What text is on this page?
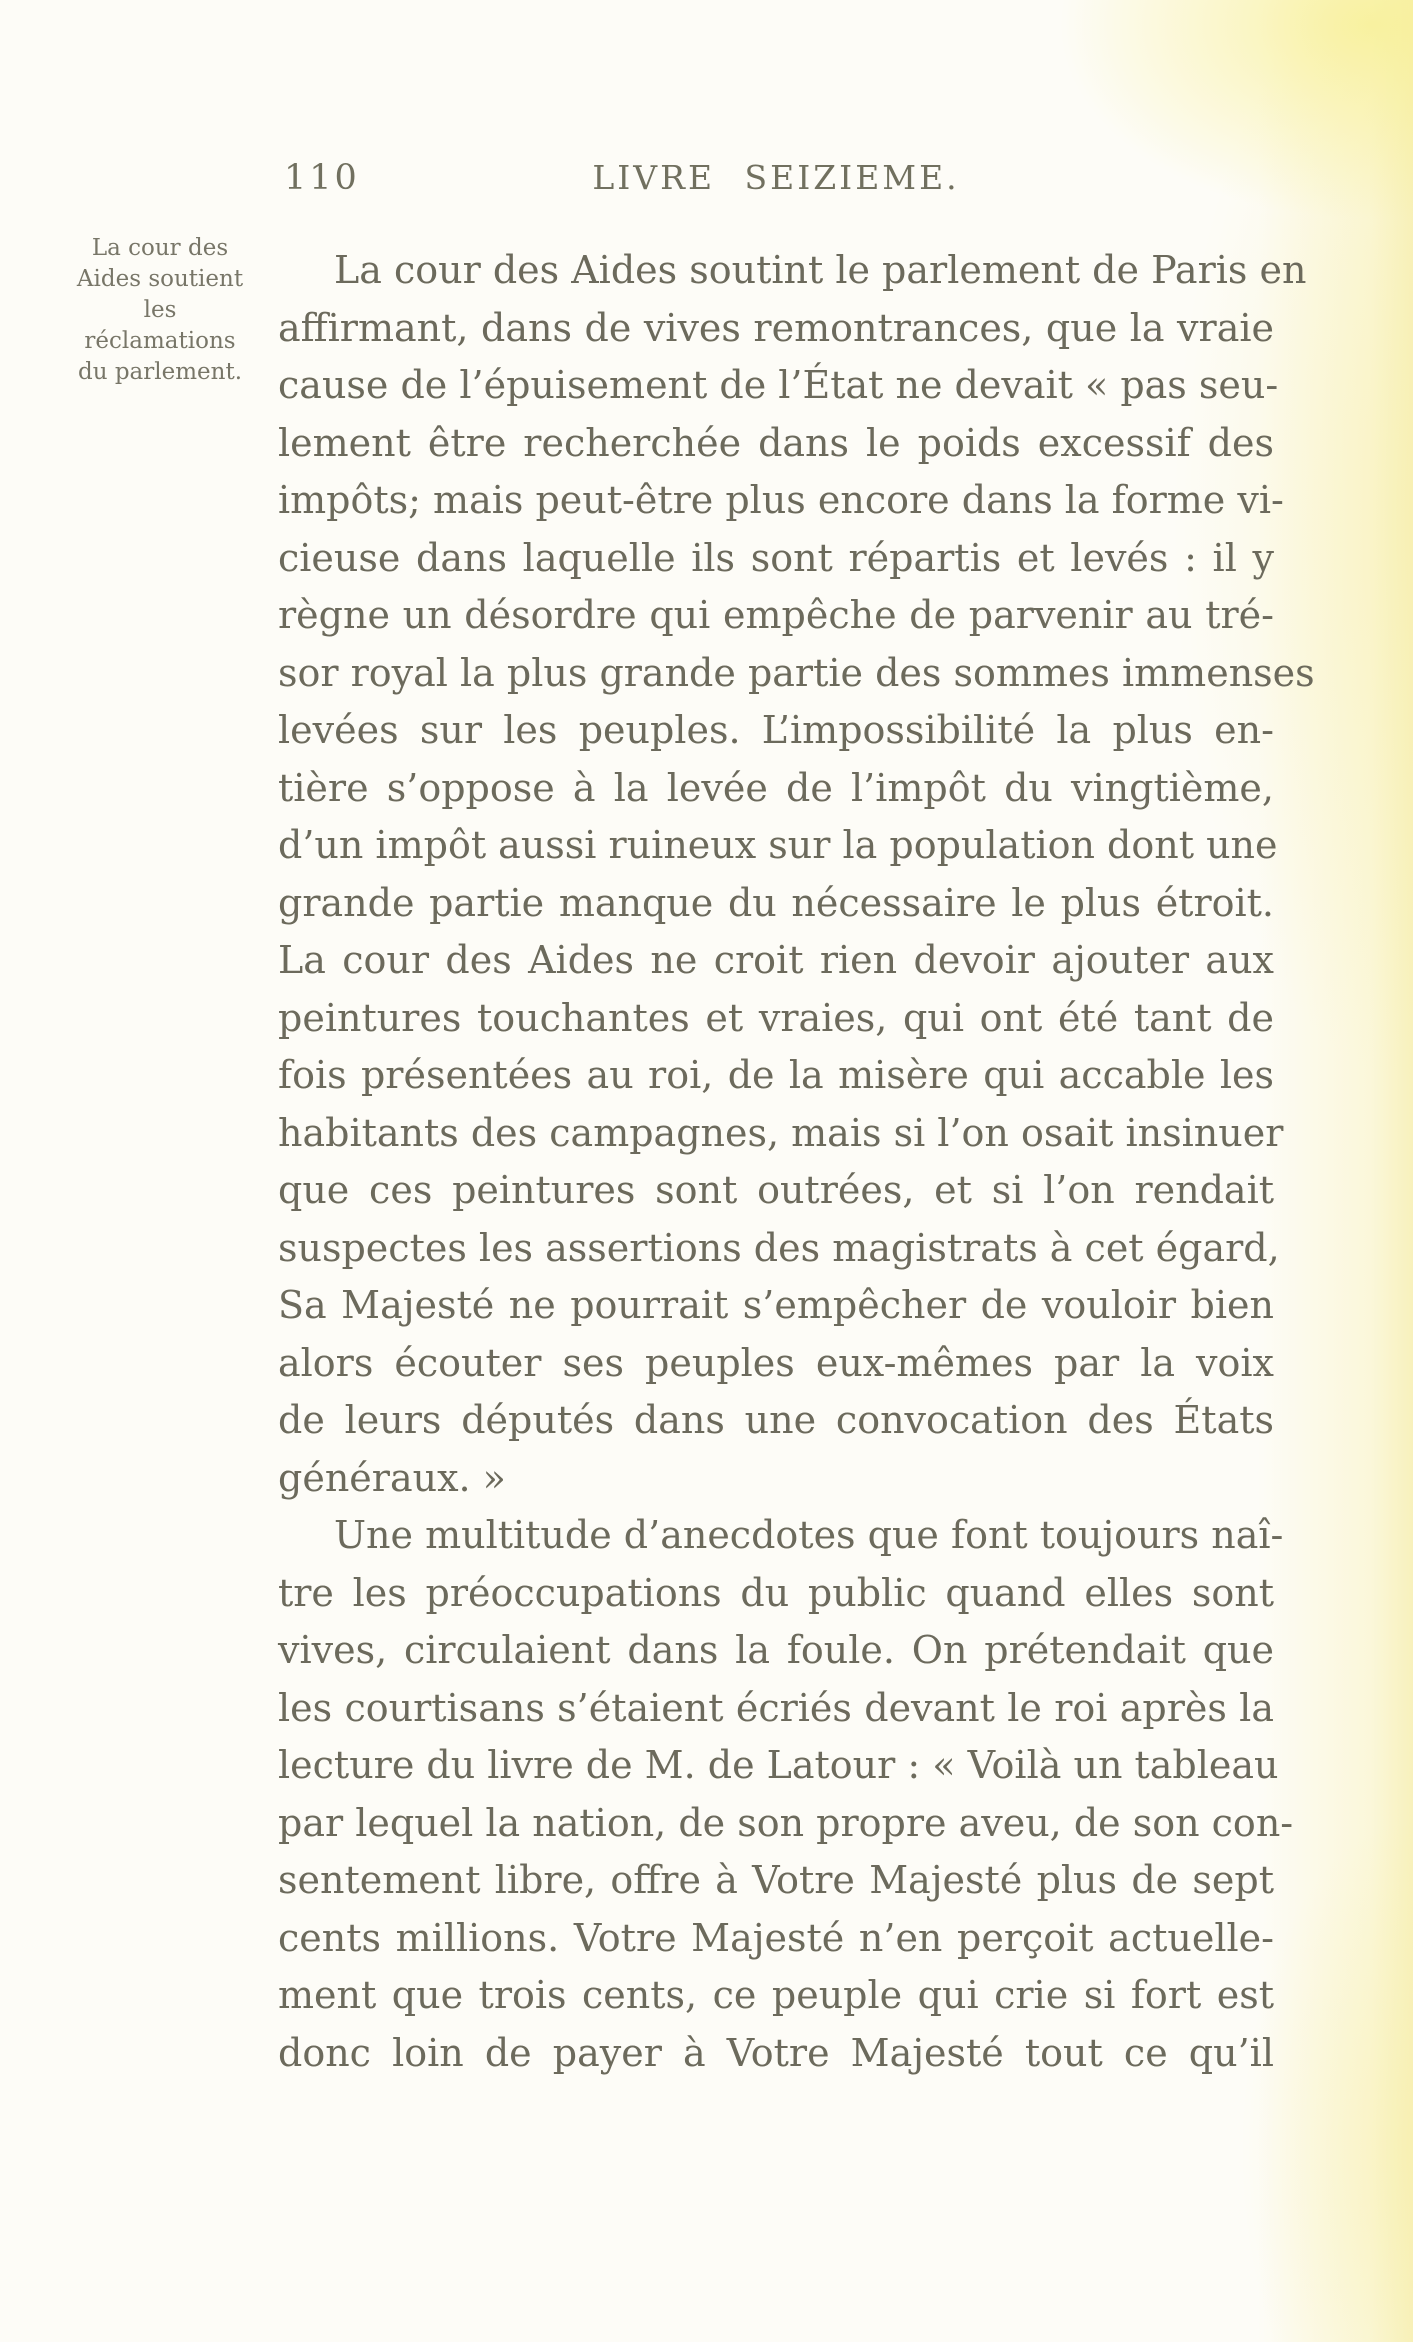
110	LIVRE SEIZIEME.
La cour des
Aides soutient
les
réclamations
du parlement.
La cour des Aides soutint le parlement de Paris en
affirmant, dans de vives remontrances, que la vraie
cause de l’épuisement de l’État ne devait « pas seu-
lement être recherchée dans le poids excessif des
impôts; mais peut-être plus encore dans la forme vi-
cieuse dans laquelle ils sont répartis et levés : il y
règne un désordre qui empêche de parvenir au tré-
sor royal la plus grande partie des sommes immenses
levées sur les peuples. L’impossibilité la plus en-
tière s’oppose à la levée de l’impôt du vingtième,
d’un impôt aussi ruineux sur la population dont une
grande partie manque du nécessaire le plus étroit.
La cour des Aides ne croit rien devoir ajouter aux
peintures touchantes et vraies, qui ont été tant de
fois présentées au roi, de la misère qui accable les
habitants des campagnes, mais si l’on osait insinuer
que ces peintures sont outrées, et si l’on rendait
suspectes les assertions des magistrats à cet égard,
Sa Majesté ne pourrait s’empêcher de vouloir bien
alors écouter ses peuples eux-mêmes par la voix
de leurs députés dans une convocation des États
généraux. »
Une multitude d’anecdotes que font toujours naî-
tre les préoccupations du public quand elles sont
vives, circulaient dans la foule. On prétendait que
les courtisans s’étaient écriés devant le roi après la
lecture du livre de M. de Latour : « Voilà un tableau
par lequel la nation, de son propre aveu, de son con-
sentement libre, offre à Votre Majesté plus de sept
cents millions. Votre Majesté n’en perçoit actuelle-
ment que trois cents, ce peuple qui crie si fort est
donc loin de payer à Votre Majesté tout ce qu’il
